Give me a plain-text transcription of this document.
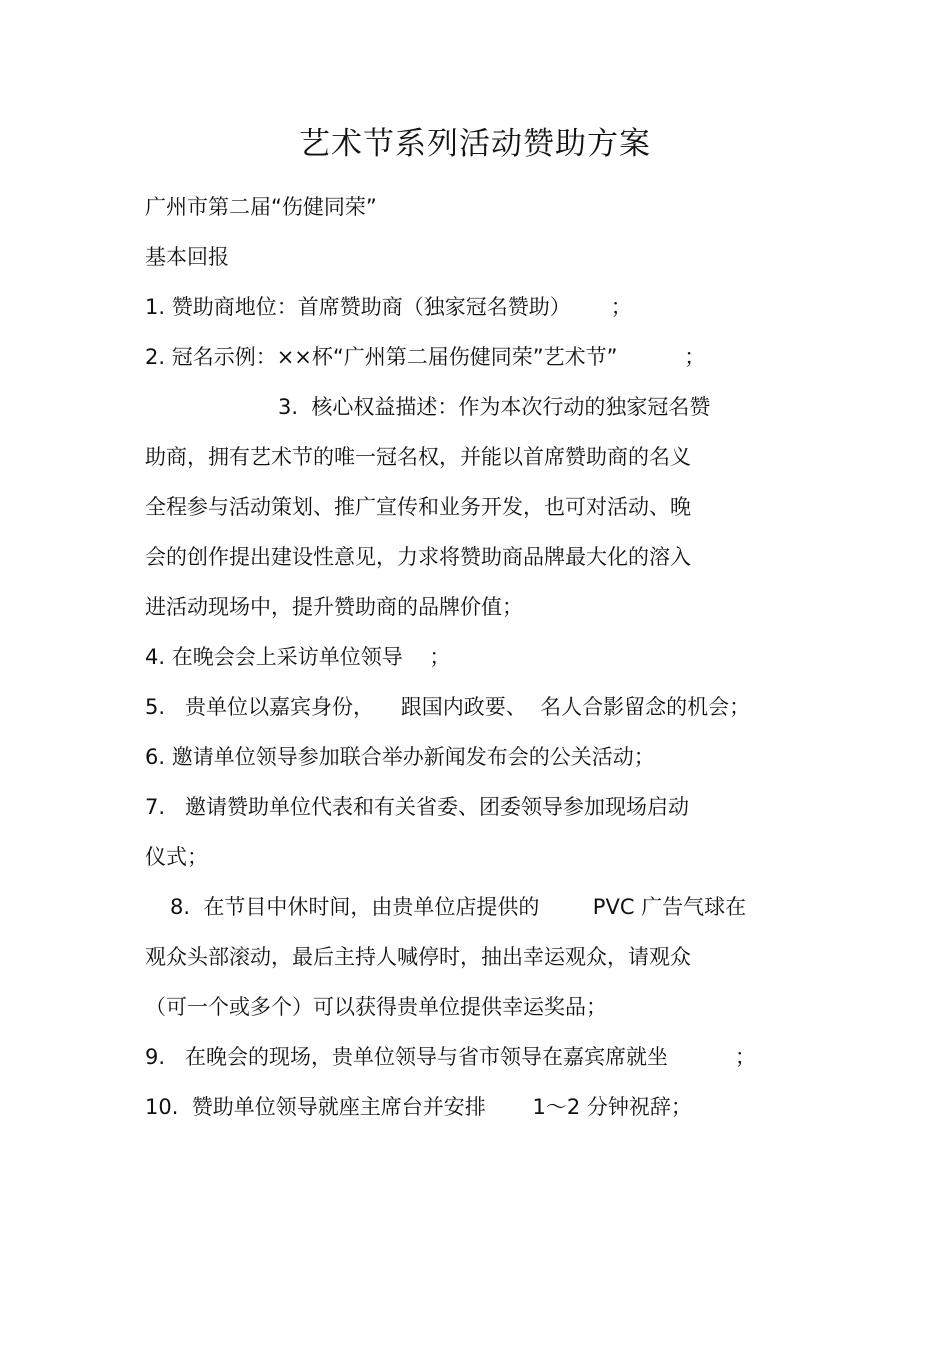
艺术节系列活动赞助方案
广州市第二届“伤健同荣”
基本回报
1. 赞助商地位：首席赞助商（独家冠名赞助）      ；
2. 冠名示例：××杯“广州第二届伤健同荣”艺术节”          ；
3.  核心权益描述：作为本次行动的独家冠名赞
助商，拥有艺术节的唯一冠名权，并能以首席赞助商的名义
全程参与活动策划、推广宣传和业务开发，也可对活动、晚
会的创作提出建设性意见，力求将赞助商品牌最大化的溶入
进活动现场中，提升赞助商的品牌价值；
4. 在晚会会上采访单位领导    ；
5.   贵单位以嘉宾身份，    跟国内政要、  名人合影留念的机会；
6. 邀请单位领导参加联合举办新闻发布会的公关活动；
7.   邀请赞助单位代表和有关省委、团委领导参加现场启动
仪式；
8.  在节目中休时间，由贵单位店提供的        PVC 广告气球在
观众头部滚动，最后主持人喊停时，抽出幸运观众，请观众
（可一个或多个）可以获得贵单位提供幸运奖品；
9.   在晚会的现场，贵单位领导与省市领导在嘉宾席就坐          ；
10.  赞助单位领导就座主席台并安排       1～2 分钟祝辞；
